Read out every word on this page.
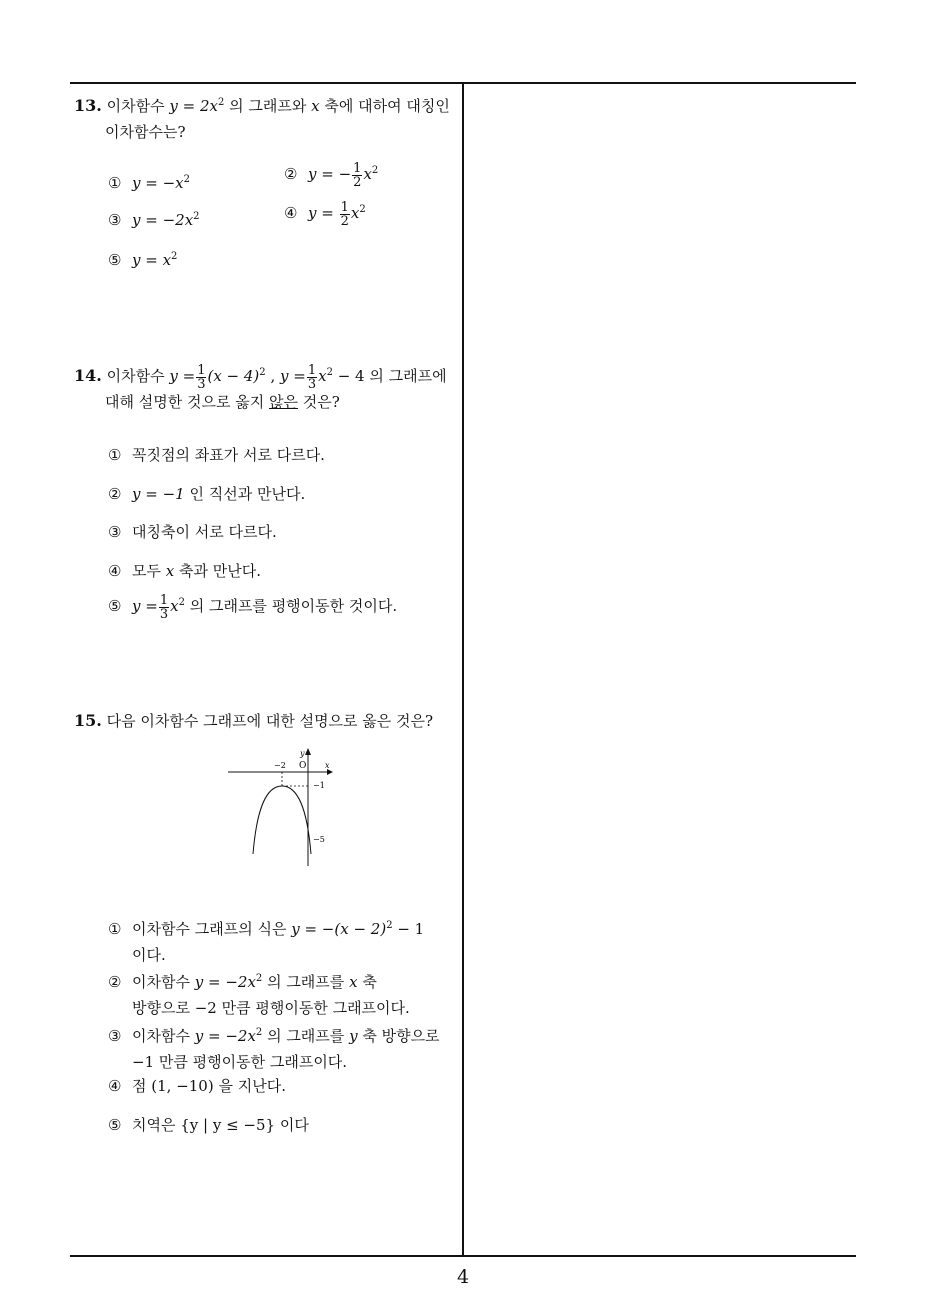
13. 이차함수 $y = 2x^2$ 의 그래프와 x 축에 대하여 대칭인
이차함수는?
① $y = -x^2$	② y = − $\frac{1}{2} x^2$
③ $y = -2x^2$	④ $y = \frac{1}{2} x^2$
⑤ $y = x^2$
14. 이차함수 $y = \frac{1}{3} (x - 4)^2$ , $y = \frac{1}{3} x^2 - 4$ 의 그래프에
대해 설명한 것으로 옳지 않은 것은?
① 꼭짓점의 좌표가 서로 다르다.
② y = −1 인 직선과 만난다.
③ 대칭축이 서로 다르다.
④ 모두 x 축과 만난다.
⑤ $y = \frac{1}{3} x^2$ 의 그래프를 평행이동한 것이다.
15. 다음 이차함수 그래프에 대한 설명으로 옳은 것은?
y
x
O
−2
−1
−5
① 이차함수 그래프의 식은 $y = -(x - 2)^2 - 1$
이다.
② 이차함수 $y = -2x^2$ 의 그래프를 x 축
방향으로 −2 만큼 평행이동한 그래프이다.
③ 이차함수 $y = -2x^2$ 의 그래프를 y 축 방향으로
−1 만큼 평행이동한 그래프이다.
④ 점 (1, −10) 을 지난다.
⑤ 치역은 {y | y ≤ −5} 이다
4
